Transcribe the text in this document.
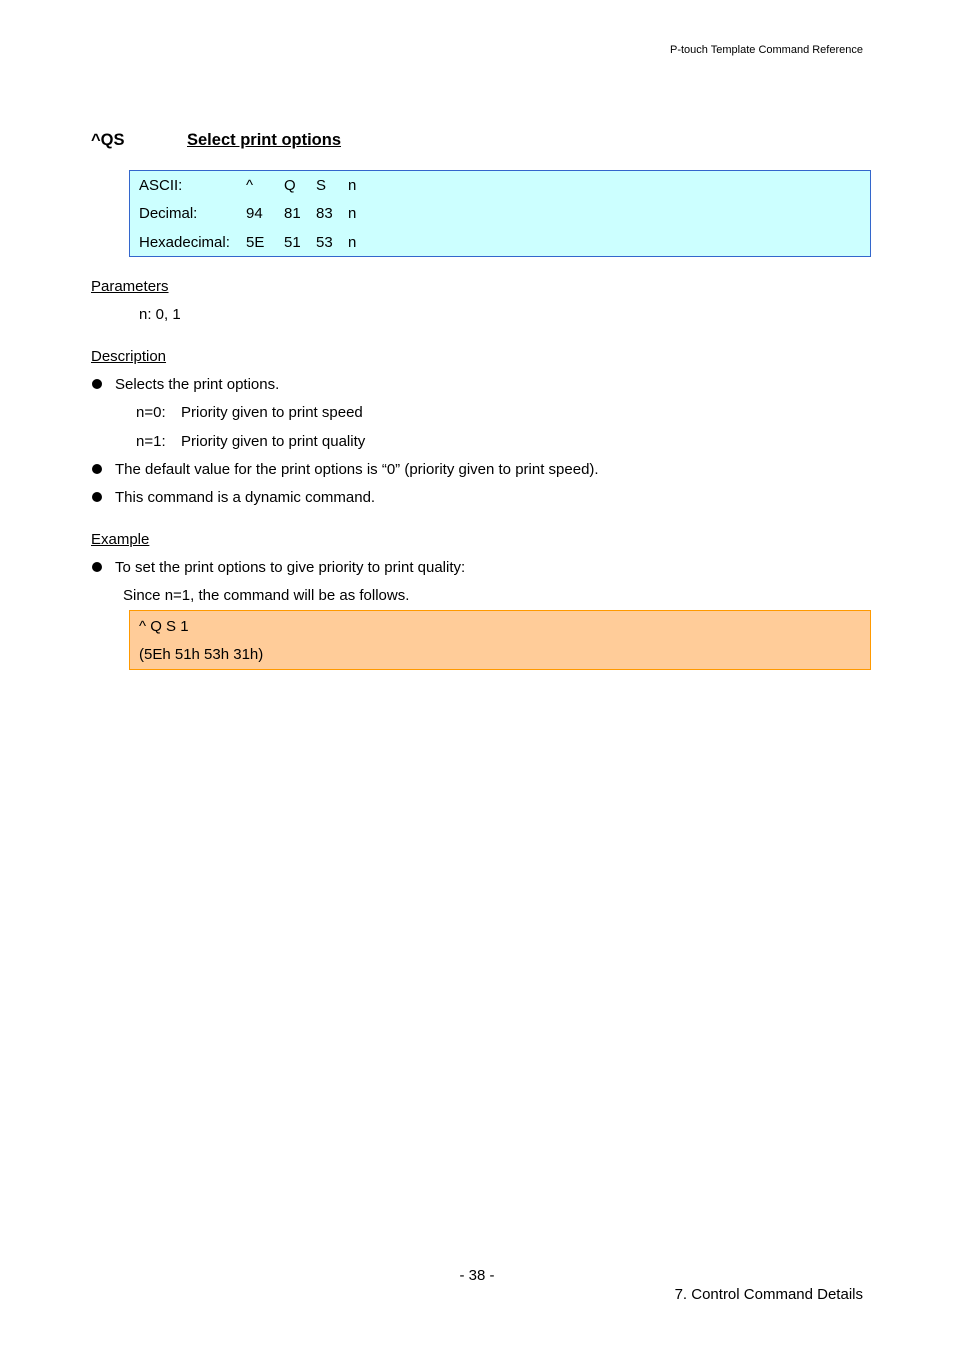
P-touch Template Command Reference
^QS	Select print options
ASCII:	^ Q S n
Decimal:	94 81 83 n
Hexadecimal: 5E 51 53 n
Parameters
n: 0, 1
Description
Selects the print options.
n=0: Priority given to print speed
n=1: Priority given to print quality
The default value for the print options is “0” (priority given to print speed).
This command is a dynamic command.
Example
To set the print options to give priority to print quality:
Since n=1, the command will be as follows.
^ Q S 1
(5Eh 51h 53h 31h)
- 38 -
7. Control Command Details
